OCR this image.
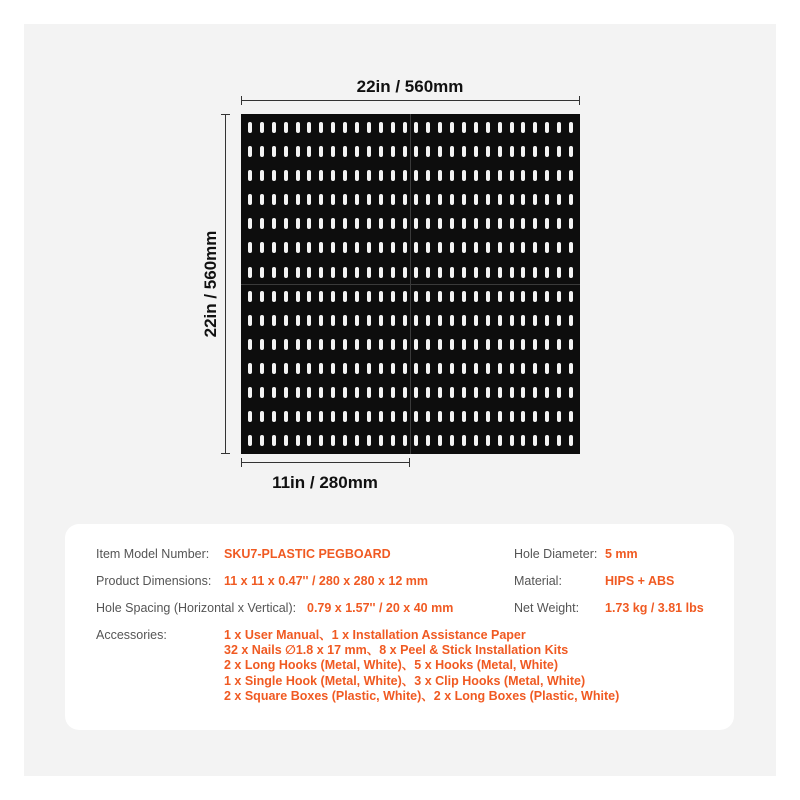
22in / 560mm
22in / 560mm
11in / 280mm
Item Model Number: SKU7-PLASTIC PEGBOARD
Product Dimensions: 11 x 11 x 0.47'' / 280 x 280 x 12 mm
Hole Spacing (Horizontal x Vertical): 0.79 x 1.57'' / 20 x 40 mm
Hole Diameter: 5 mm
Material:	HIPS + ABS
Net Weight: 1.73 kg / 3.81 lbs
Accessories:	1 x User Manual、1 x Installation Assistance Paper
32 x Nails ∅1.8 x 17 mm、8 x Peel & Stick Installation Kits
2 x Long Hooks (Metal, White)、5 x Hooks (Metal, White)
1 x Single Hook (Metal, White)、3 x Clip Hooks (Metal, White)
2 x Square Boxes (Plastic, White)、2 x Long Boxes (Plastic, White)
